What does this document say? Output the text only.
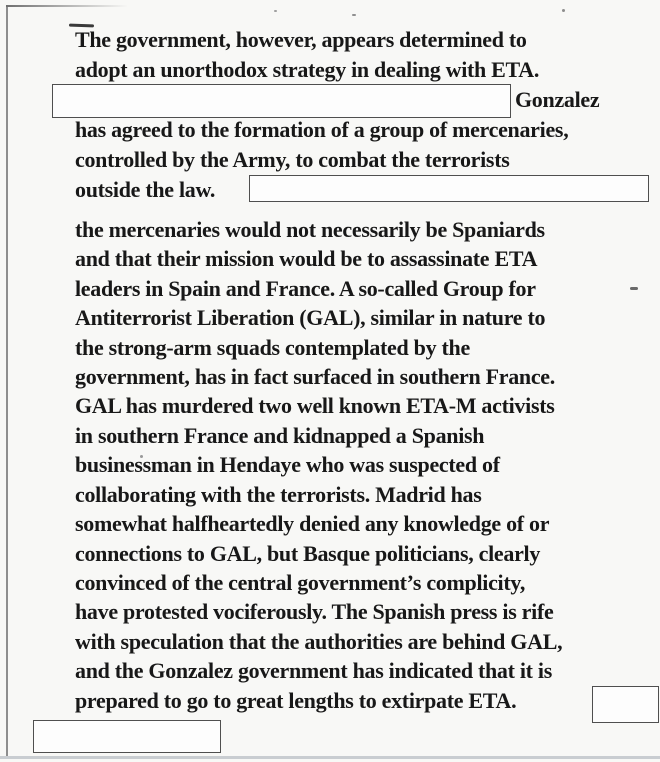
The government, however, appears determined to
adopt an unorthodox strategy in dealing with ETA.
Gonzalez
has agreed to the formation of a group of mercenaries,
controlled by the Army, to combat the terrorists
outside the law.
the mercenaries would not necessarily be Spaniards
and that their mission would be to assassinate ETA
leaders in Spain and France. A so-called Group for
Antiterrorist Liberation (GAL), similar in nature to
the strong-arm squads contemplated by the
government, has in fact surfaced in southern France.
GAL has murdered two well known ETA-M activists
in southern France and kidnapped a Spanish
businessman in Hendaye who was suspected of
collaborating with the terrorists. Madrid has
somewhat halfheartedly denied any knowledge of or
connections to GAL, but Basque politicians, clearly
convinced of the central government’s complicity,
have protested vociferously. The Spanish press is rife
with speculation that the authorities are behind GAL,
and the Gonzalez government has indicated that it is
prepared to go to great lengths to extirpate ETA.
